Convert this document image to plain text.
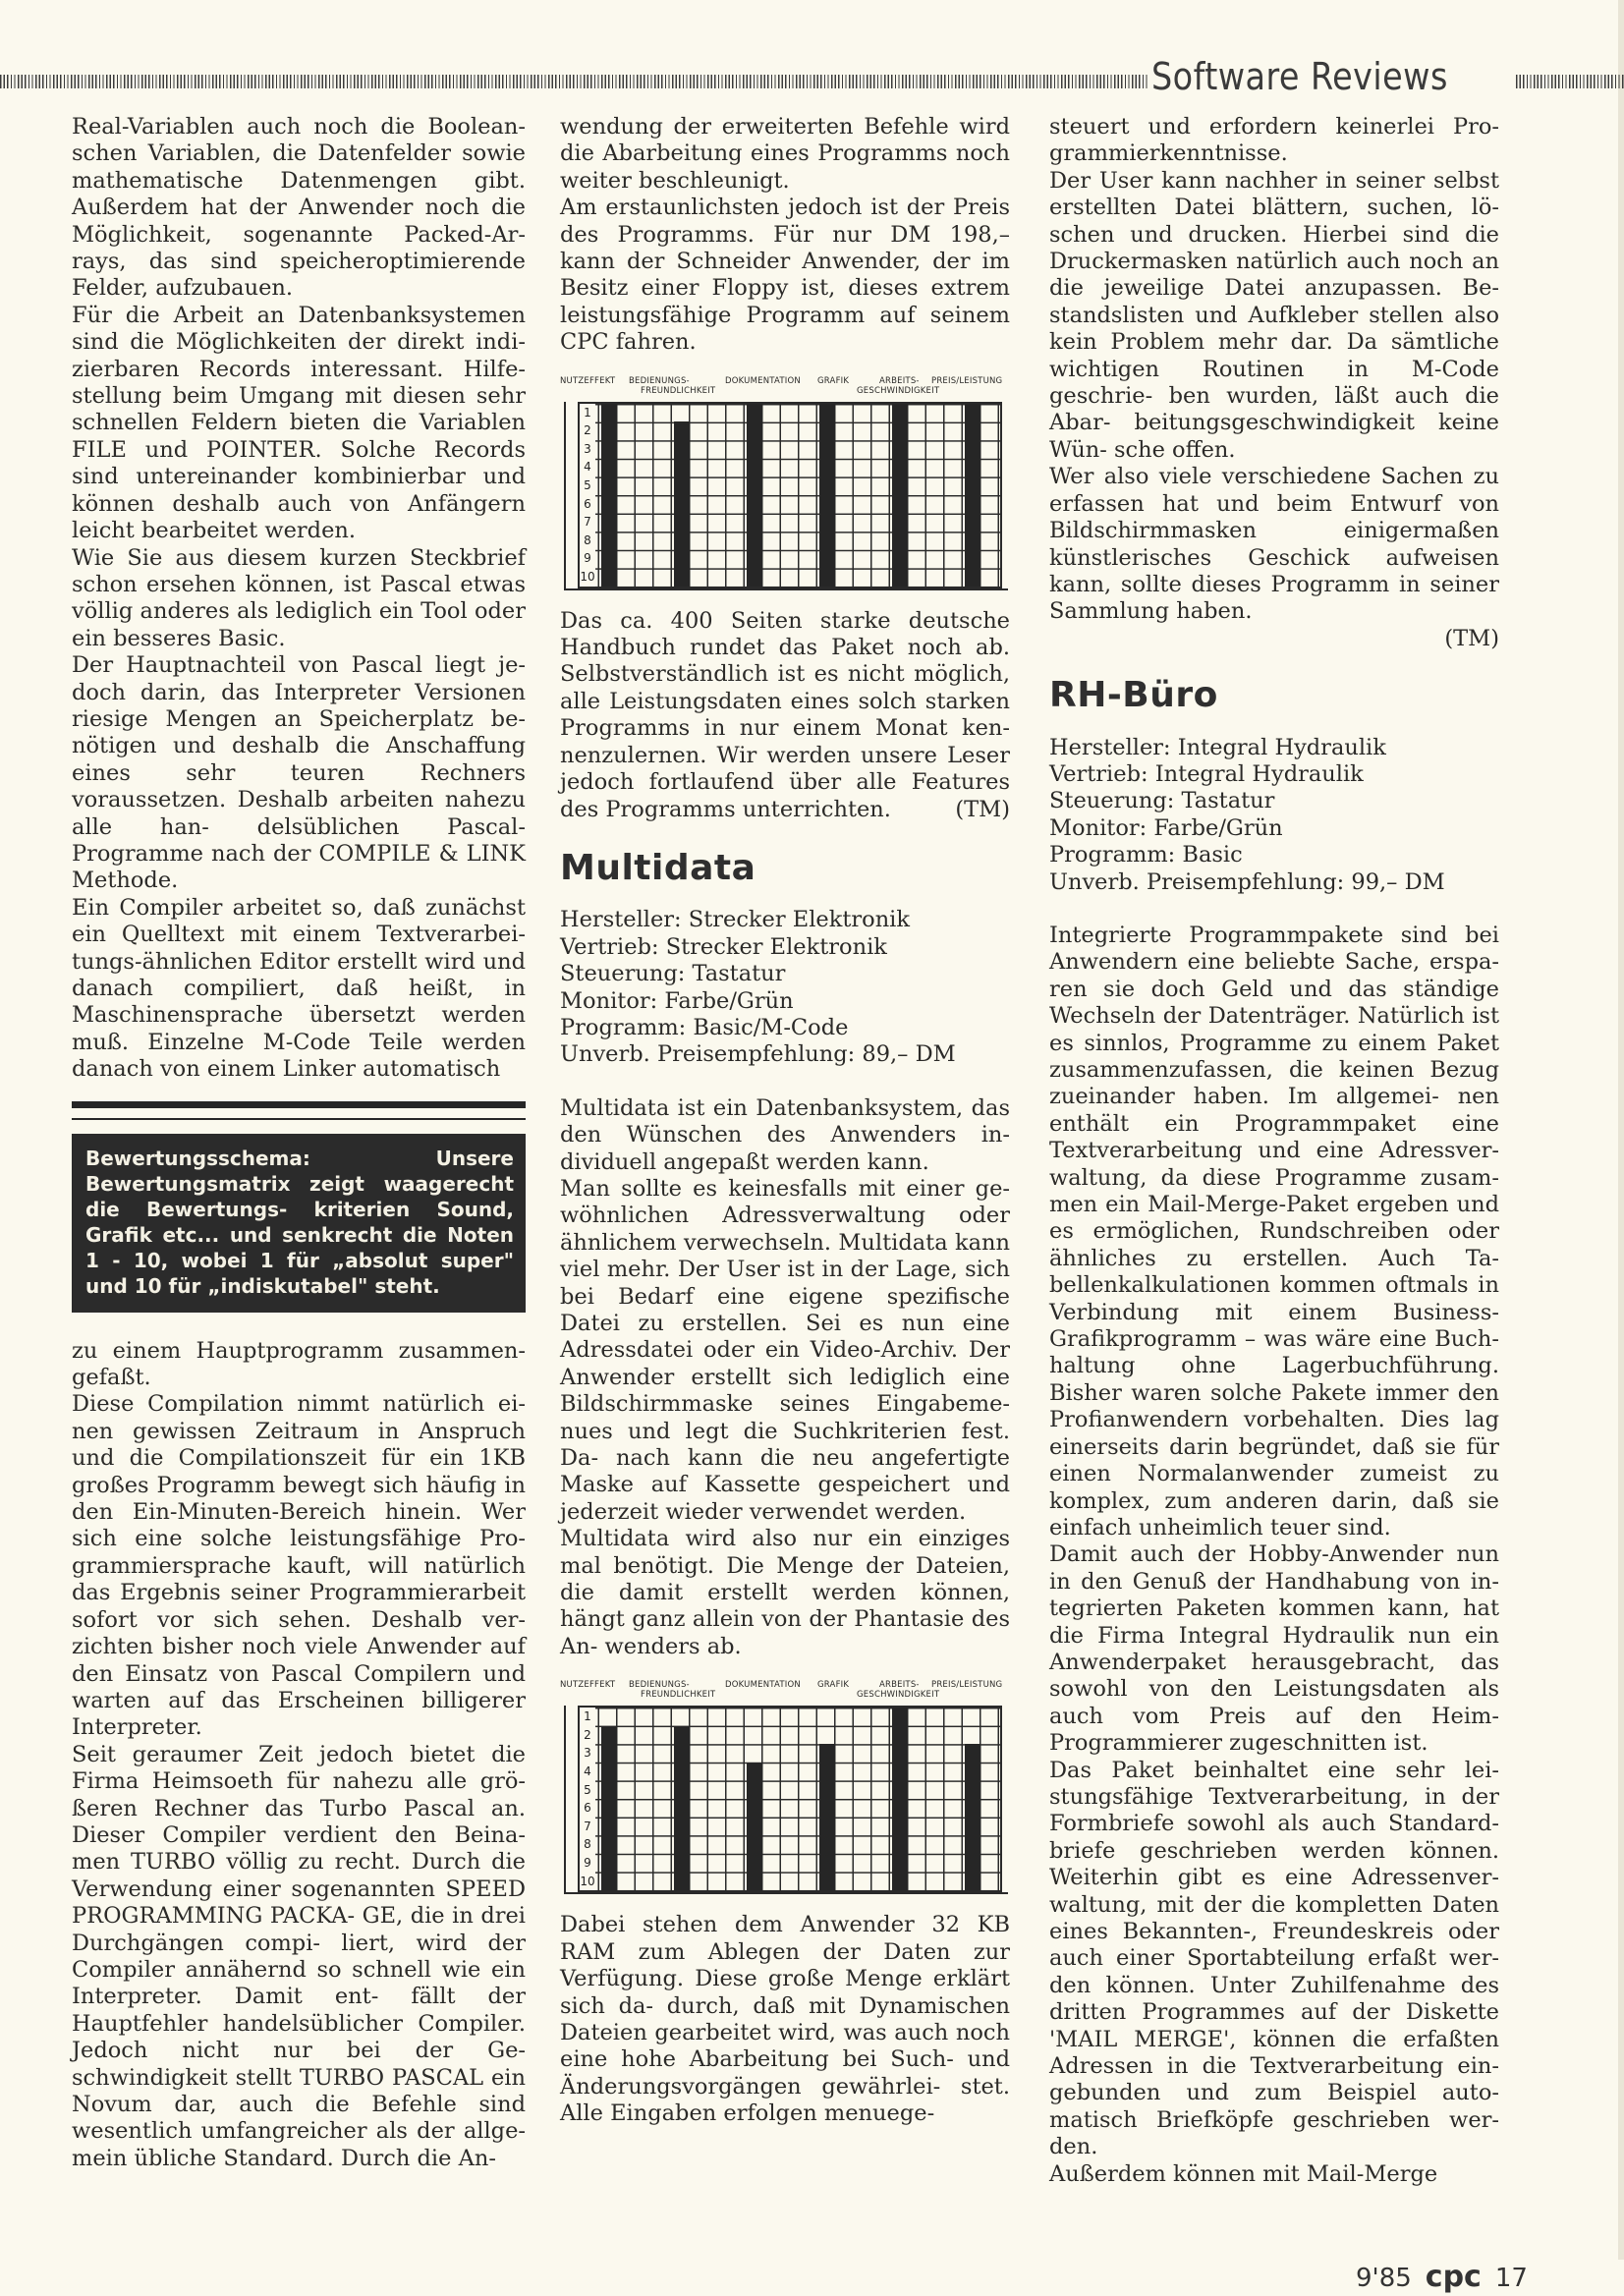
Software Reviews

Real-Variablen auch noch die Boolean- schen Variablen, die Datenfelder sowie mathematische Datenmengen gibt. Außerdem hat der Anwender noch die Möglichkeit, sogenannte Packed-Ar- rays, das sind speicheroptimierende Felder, aufzubauen.

Für die Arbeit an Datenbanksystemen sind die Möglichkeiten der direkt indi- zierbaren Records interessant. Hilfe- stellung beim Umgang mit diesen sehr schnellen Feldern bieten die Variablen FILE und POINTER. Solche Records sind untereinander kombinierbar und können deshalb auch von Anfängern leicht bearbeitet werden.

Wie Sie aus diesem kurzen Steckbrief schon ersehen können, ist Pascal etwas völlig anderes als lediglich ein Tool oder ein besseres Basic.

Der Hauptnachteil von Pascal liegt je- doch darin, das Interpreter Versionen riesige Mengen an Speicherplatz be- nötigen und deshalb die Anschaffung eines sehr teuren Rechners voraussetzen. Deshalb arbeiten nahezu alle han- delsüblichen Pascal-Programme nach der COMPILE & LINK Methode.

Ein Compiler arbeitet so, daß zunächst ein Quelltext mit einem Textverarbei- tungs-ähnlichen Editor erstellt wird und danach compiliert, daß heißt, in Maschinensprache übersetzt werden muß. Einzelne M-Code Teile werden danach von einem Linker automatisch

Bewertungsschema: Unsere Bewertungsmatrix zeigt waagerecht die Bewertungs- kriterien Sound, Grafik etc... und senkrecht die Noten 1 - 10, wobei 1 für „absolut super" und 10 für „indiskutabel" steht.

zu einem Hauptprogramm zusammen- gefaßt.

Diese Compilation nimmt natürlich ei- nen gewissen Zeitraum in Anspruch und die Compilationszeit für ein 1KB großes Programm bewegt sich häufig in den Ein-Minuten-Bereich hinein. Wer sich eine solche leistungsfähige Pro- grammiersprache kauft, will natürlich das Ergebnis seiner Programmierarbeit sofort vor sich sehen. Deshalb ver- zichten bisher noch viele Anwender auf den Einsatz von Pascal Compilern und warten auf das Erscheinen billigerer Interpreter.

Seit geraumer Zeit jedoch bietet die Firma Heimsoeth für nahezu alle grö- ßeren Rechner das Turbo Pascal an. Dieser Compiler verdient den Beina- men TURBO völlig zu recht. Durch die Verwendung einer sogenannten SPEED PROGRAMMING PACKA- GE, die in drei Durchgängen compi- liert, wird der Compiler annähernd so schnell wie ein Interpreter. Damit ent- fällt der Hauptfehler handelsüblicher Compiler. Jedoch nicht nur bei der Ge- schwindigkeit stellt TURBO PASCAL ein Novum dar, auch die Befehle sind wesentlich umfangreicher als der allge- mein übliche Standard. Durch die An-

wendung der erweiterten Befehle wird die Abarbeitung eines Programms noch weiter beschleunigt.

Am erstaunlichsten jedoch ist der Preis des Programms. Für nur DM 198,– kann der Schneider Anwender, der im Besitz einer Floppy ist, dieses extrem leistungsfähige Programm auf seinem CPC fahren.

NUTZEFFEKT BEDIENUNGS-
FREUNDLICHKEIT
DOKUMENTATION GRAFIK	ARBEITS-
GESCHWINDIGKEIT
PREIS/LEISTUNG
1
2
3
4
5
6
7
8
9
10

Das ca. 400 Seiten starke deutsche Handbuch rundet das Paket noch ab. Selbstverständlich ist es nicht möglich, alle Leistungsdaten eines solch starken Programms in nur einem Monat ken- nenzulernen. Wir werden unsere Leser jedoch fortlaufend über alle Features des Programms unterrichten.	(TM)

Multidata

Hersteller: Strecker Elektronik

Vertrieb: Strecker Elektronik

Steuerung: Tastatur

Monitor: Farbe/Grün

Programm: Basic/M-Code

Unverb. Preisempfehlung: 89,– DM

Multidata ist ein Datenbanksystem, das den Wünschen des Anwenders in- dividuell angepaßt werden kann.

Man sollte es keinesfalls mit einer ge- wöhnlichen Adressverwaltung oder ähnlichem verwechseln. Multidata kann viel mehr. Der User ist in der Lage, sich bei Bedarf eine eigene spezifische Datei zu erstellen. Sei es nun eine Adressdatei oder ein Video-Archiv. Der Anwender erstellt sich lediglich eine Bildschirmmaske seines Eingabeme- nues und legt die Suchkriterien fest. Da- nach kann die neu angefertigte Maske auf Kassette gespeichert und jederzeit wieder verwendet werden.

Multidata wird also nur ein einziges mal benötigt. Die Menge der Dateien, die damit erstellt werden können, hängt ganz allein von der Phantasie des An- wenders ab.

NUTZEFFEKT BEDIENUNGS-
FREUNDLICHKEIT
DOKUMENTATION GRAFIK	ARBEITS-
GESCHWINDIGKEIT
PREIS/LEISTUNG
1
2
3
4
5
6
7
8
9
10

Dabei stehen dem Anwender 32 KB RAM zum Ablegen der Daten zur Verfügung. Diese große Menge erklärt sich da- durch, daß mit Dynamischen Dateien gearbeitet wird, was auch noch eine hohe Abarbeitung bei Such- und Änderungsvorgängen gewährlei- stet. Alle Eingaben erfolgen menuege-

steuert und erfordern keinerlei Pro- grammierkenntnisse.

Der User kann nachher in seiner selbst erstellten Datei blättern, suchen, lö- schen und drucken. Hierbei sind die Druckermasken natürlich auch noch an die jeweilige Datei anzupassen. Be- standslisten und Aufkleber stellen also kein Problem mehr dar. Da sämtliche wichtigen Routinen in M-Code geschrie- ben wurden, läßt auch die Abar- beitungsgeschwindigkeit keine Wün- sche offen.

Wer also viele verschiedene Sachen zu erfassen hat und beim Entwurf von Bildschirmmasken einigermaßen künstlerisches Geschick aufweisen kann, sollte dieses Programm in seiner Sammlung haben.

(TM)

RH-Büro

Hersteller: Integral Hydraulik

Vertrieb: Integral Hydraulik

Steuerung: Tastatur

Monitor: Farbe/Grün

Programm: Basic

Unverb. Preisempfehlung: 99,– DM

Integrierte Programmpakete sind bei Anwendern eine beliebte Sache, erspa- ren sie doch Geld und das ständige Wechseln der Datenträger. Natürlich ist es sinnlos, Programme zu einem Paket zusammenzufassen, die keinen Bezug zueinander haben. Im allgemei- nen enthält ein Programmpaket eine Textverarbeitung und eine Adressver- waltung, da diese Programme zusam- men ein Mail-Merge-Paket ergeben und es ermöglichen, Rundschreiben oder ähnliches zu erstellen. Auch Ta- bellenkalkulationen kommen oftmals in Verbindung mit einem Business- Grafikprogramm – was wäre eine Buch- haltung ohne Lagerbuchführung. Bisher waren solche Pakete immer den Profianwendern vorbehalten. Dies lag einerseits darin begründet, daß sie für einen Normalanwender zumeist zu komplex, zum anderen darin, daß sie einfach unheimlich teuer sind.

Damit auch der Hobby-Anwender nun in den Genuß der Handhabung von in- tegrierten Paketen kommen kann, hat die Firma Integral Hydraulik nun ein Anwenderpaket herausgebracht, das sowohl von den Leistungsdaten als auch vom Preis auf den Heim- Programmierer zugeschnitten ist.

Das Paket beinhaltet eine sehr lei- stungsfähige Textverarbeitung, in der Formbriefe sowohl als auch Standard- briefe geschrieben werden können. Weiterhin gibt es eine Adressenver- waltung, mit der die kompletten Daten eines Bekannten-, Freundeskreis oder auch einer Sportabteilung erfaßt wer- den können. Unter Zuhilfenahme des dritten Programmes auf der Diskette 'MAIL MERGE', können die erfaßten Adressen in die Textverarbeitung ein- gebunden und zum Beispiel auto- matisch Briefköpfe geschrieben wer- den.

Außerdem können mit Mail-Merge

9'85 cpc 17
